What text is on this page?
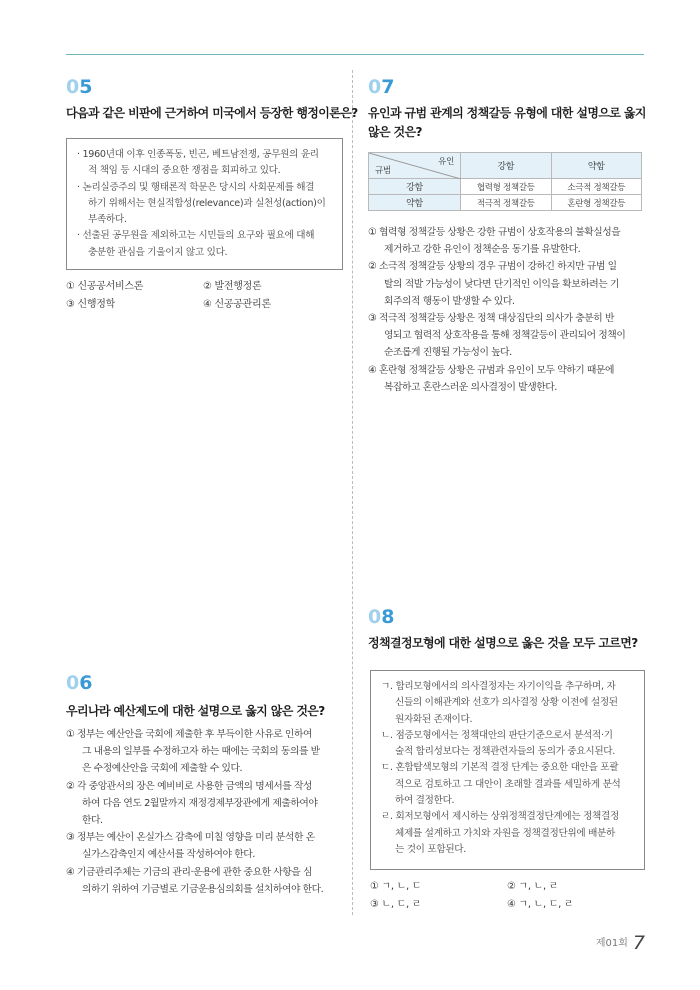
05
다음과 같은 비판에 근거하여 미국에서 등장한 행정이론은?
· 1960년대 이후 인종폭동, 빈곤, 베트남전쟁, 공무원의 윤리
적 책임 등 시대의 중요한 쟁점을 회피하고 있다.
· 논리실증주의 및 행태론적 학문은 당시의 사회문제를 해결
하기 위해서는 현실적합성(relevance)과 실천성(action)이
부족하다.
· 선출된 공무원을 제외하고는 시민들의 요구와 필요에 대해
충분한 관심을 기울이지 않고 있다.
① 신공공서비스론	② 발전행정론
③ 신행정학	④ 신공공관리론
06
우리나라 예산제도에 대한 설명으로 옳지 않은 것은?
① 정부는 예산안을 국회에 제출한 후 부득이한 사유로 인하여
그 내용의 일부를 수정하고자 하는 때에는 국회의 동의를 받
은 수정예산안을 국회에 제출할 수 있다.
② 각 중앙관서의 장은 예비비로 사용한 금액의 명세서를 작성
하여 다음 연도 2월말까지 재정경제부장관에게 제출하여야
한다.
③ 정부는 예산이 온실가스 감축에 미칠 영향을 미리 분석한 온
실가스감축인지 예산서를 작성하여야 한다.
④ 기금관리주체는 기금의 관리·운용에 관한 중요한 사항을 심
의하기 위하여 기금별로 기금운용심의회를 설치하여야 한다.
07
유인과 규범 관계의 정책갈등 유형에 대한 설명으로 옳지
않은 것은?
유인
규범	강함	약함
강함	협력형 정책갈등	소극적 정책갈등
약함	적극적 정책갈등	혼란형 정책갈등
① 협력형 정책갈등 상황은 강한 규범이 상호작용의 불확실성을
제거하고 강한 유인이 정책순응 동기를 유발한다.
② 소극적 정책갈등 상황의 경우 규범이 강하긴 하지만 규범 일
탈의 적발 가능성이 낮다면 단기적인 이익을 확보하려는 기
회주의적 행동이 발생할 수 있다.
③ 적극적 정책갈등 상황은 정책 대상집단의 의사가 충분히 반
영되고 협력적 상호작용을 통해 정책갈등이 관리되어 정책이
순조롭게 진행될 가능성이 높다.
④ 혼란형 정책갈등 상황은 규범과 유인이 모두 약하기 때문에
복잡하고 혼란스러운 의사결정이 발생한다.
08
정책결정모형에 대한 설명으로 옳은 것을 모두 고르면?
ㄱ. 합리모형에서의 의사결정자는 자기이익을 추구하며, 자
신들의 이해관계와 선호가 의사결정 상황 이전에 설정된
원자화된 존재이다.
ㄴ. 점증모형에서는 정책대안의 판단기준으로서 분석적·기
술적 합리성보다는 정책관련자들의 동의가 중요시된다.
ㄷ. 혼합탐색모형의 기본적 결정 단계는 중요한 대안을 포괄
적으로 검토하고 그 대안이 초래할 결과를 세밀하게 분석
하여 결정한다.
ㄹ. 회저모형에서 제시하는 상위정책결정단계에는 정책결정
체제를 설계하고 가치와 자원을 정책결정단위에 배분하
는 것이 포함된다.
① ㄱ, ㄴ, ㄷ	② ㄱ, ㄴ, ㄹ
③ ㄴ, ㄷ, ㄹ	④ ㄱ, ㄴ, ㄷ, ㄹ
제01회 7
